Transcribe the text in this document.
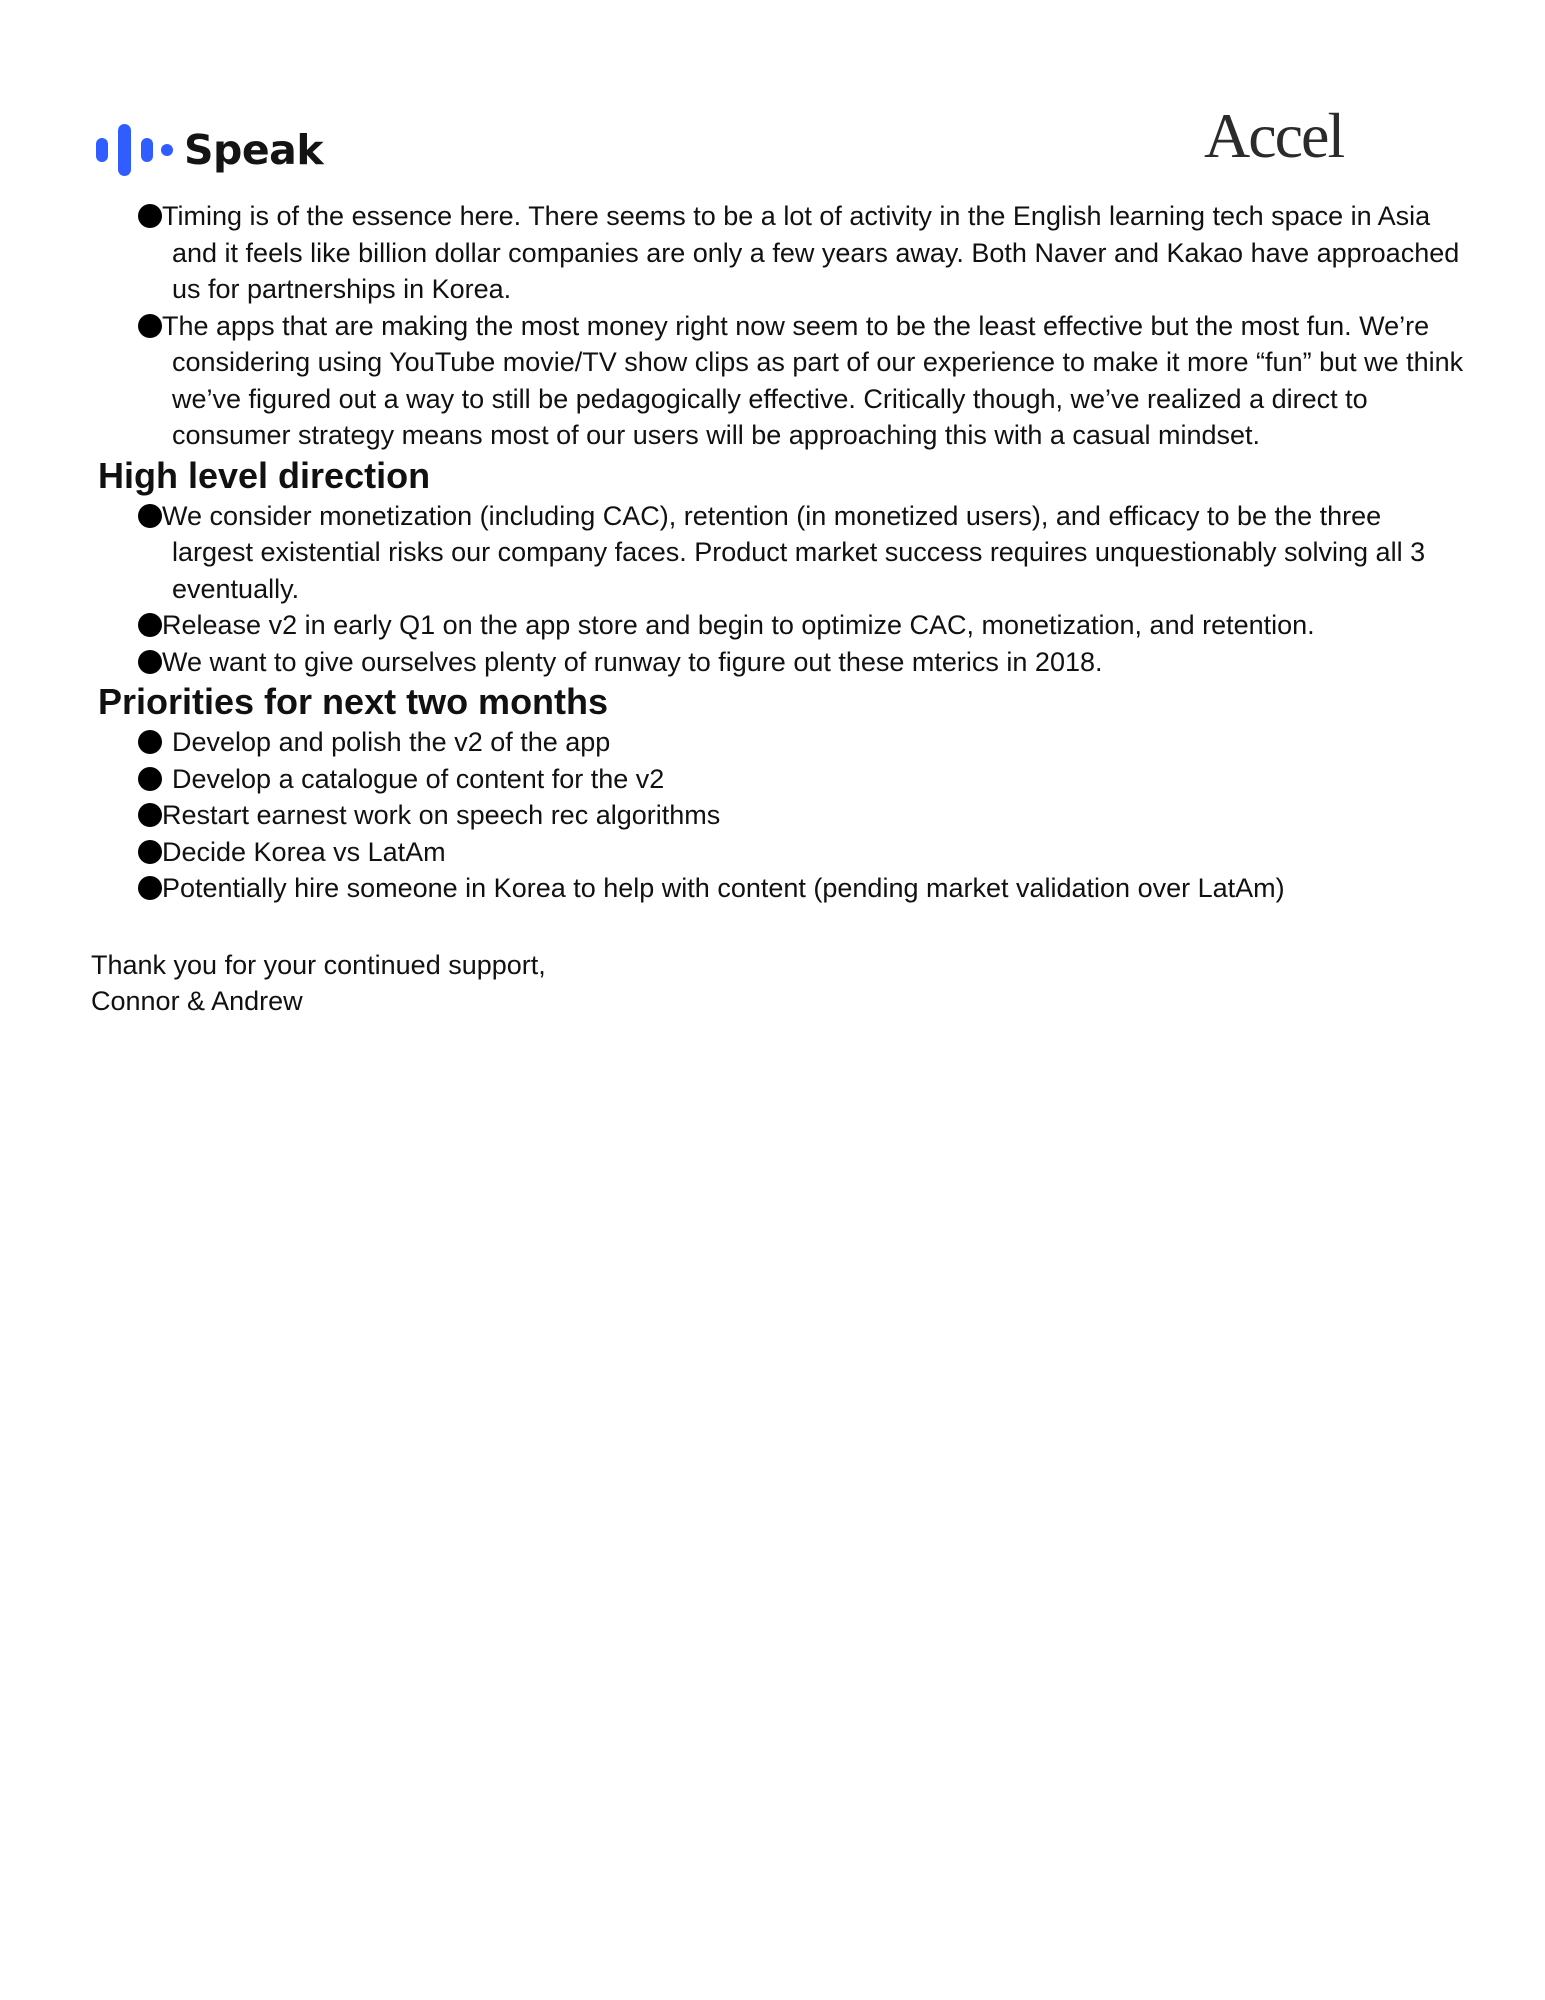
Speak	Accel
Timing is of the essence here. There seems to be a lot of activity in the English learning tech space in Asia and it feels like billion dollar companies are only a few years away. Both Naver and Kakao have approached us for partnerships in Korea.
The apps that are making the most money right now seem to be the least effective but the most fun. We’re considering using YouTube movie/TV show clips as part of our experience to make it more “fun” but we think we’ve figured out a way to still be pedagogically effective. Critically though, we’ve realized a direct to consumer strategy means most of our users will be approaching this with a casual mindset.
High level direction
We consider monetization (including CAC), retention (in monetized users), and efficacy to be the three largest existential risks our company faces. Product market success requires unquestionably solving all 3 eventually.
Release v2 in early Q1 on the app store and begin to optimize CAC, monetization, and retention.
We want to give ourselves plenty of runway to figure out these mterics in 2018.
Priorities for next two months
Develop and polish the v2 of the app
Develop a catalogue of content for the v2
Restart earnest work on speech rec algorithms
Decide Korea vs LatAm
Potentially hire someone in Korea to help with content (pending market validation over LatAm)
Thank you for your continued support,
Connor & Andrew
